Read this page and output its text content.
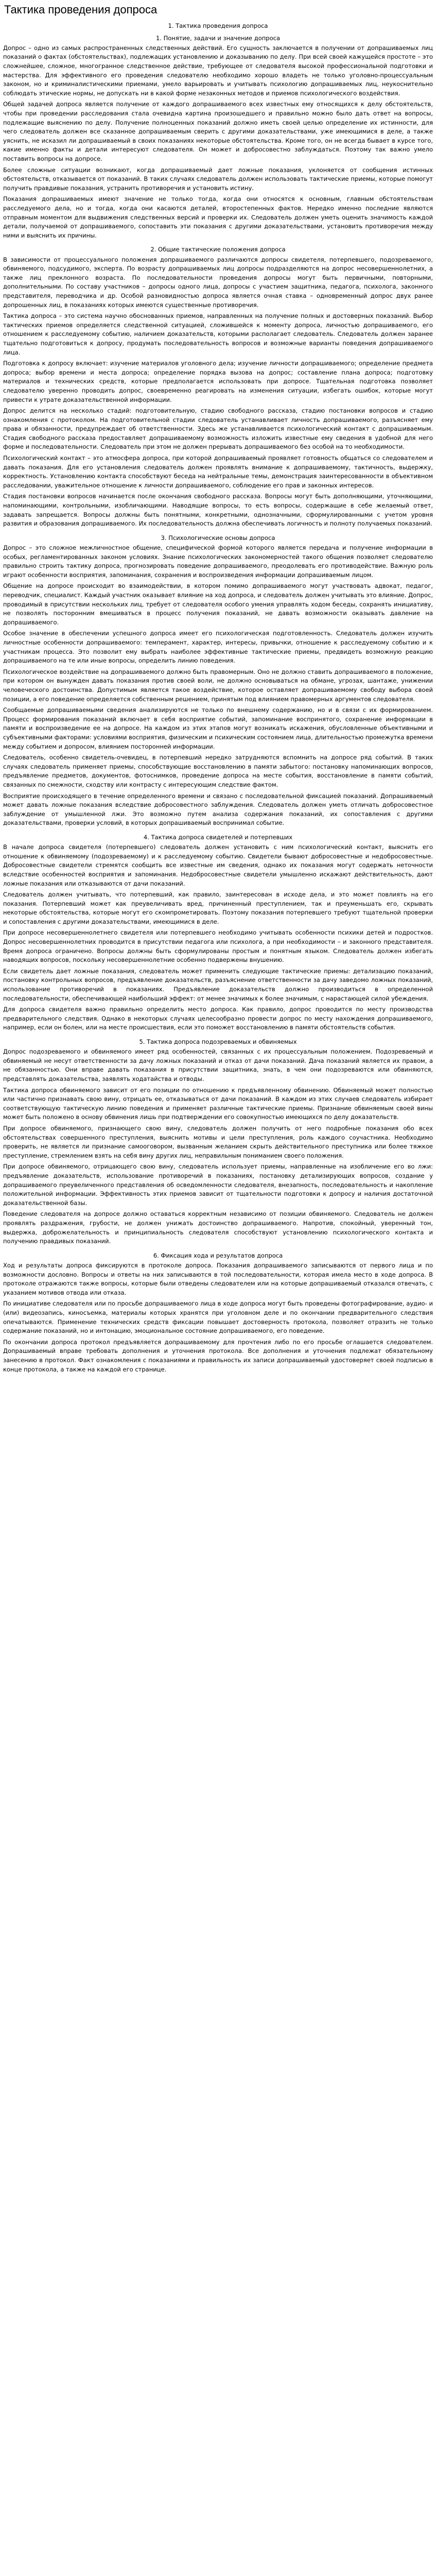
Тактика проведения допроса
1. Тактика проведения допроса
1. Понятие, задачи и значение допроса

Допрос – одно из самых распространенных следственных действий. Его сущность заключается в получении от допрашиваемых лиц показаний о фактах (обстоятельствах), подлежащих установлению и доказыванию по делу. При всей своей кажущейся простоте – это сложнейшее, сложное, многогранное следственное действие, требующее от следователя высокой профессиональной подготовки и мастерства. Для эффективного его проведения следователю необходимо хорошо владеть не только уголовно-процессуальным законом, но и криминалистическими приемами, умело варьировать и учитывать психологию допрашиваемых лиц, неукоснительно соблюдать этические нормы, не допускать ни в какой форме незаконных методов и приемов психологического воздействия.

Общей задачей допроса является получение от каждого допрашиваемого всех известных ему относящихся к делу обстоятельств, чтобы при проведении расследования стала очевидна картина произошедшего и правильно можно было дать ответ на вопросы, подлежащие выяснению по делу. Получение полноценных показаний должно иметь своей целью определение их истинности, для чего следователь должен все сказанное допрашиваемым сверить с другими доказательствами, уже имеющимися в деле, а также уяснить, не исказил ли допрашиваемый в своих показаниях некоторые обстоятельства. Кроме того, он не всегда бывает в курсе того, какие именно факты и детали интересуют следователя. Он может и добросовестно заблуждаться. Поэтому так важно умело поставить вопросы на допросе.

Более сложные ситуации возникают, когда допрашиваемый дает ложные показания, уклоняется от сообщения истинных обстоятельств, отказывается от показаний. В таких случаях следователь должен использовать тактические приемы, которые помогут получить правдивые показания, устранить противоречия и установить истину.

Показания допрашиваемых имеют значение не только тогда, когда они относятся к основным, главным обстоятельствам расследуемого дела, но и тогда, когда они касаются деталей, второстепенных фактов. Нередко именно последние являются отправным моментом для выдвижения следственных версий и проверки их. Следователь должен уметь оценить значимость каждой детали, получаемой от допрашиваемого, сопоставить эти показания с другими доказательствами, установить противоречия между ними и выяснить их причины.

2. Общие тактические положения допроса

В зависимости от процессуального положения допрашиваемого различаются допросы свидетеля, потерпевшего, подозреваемого, обвиняемого, подсудимого, эксперта. По возрасту допрашиваемых лиц допросы подразделяются на допрос несовершеннолетних, а также лиц преклонного возраста. По последовательности проведения допросы могут быть первичными, повторными, дополнительными. По составу участников – допросы одного лица, допросы с участием защитника, педагога, психолога, законного представителя, переводчика и др. Особой разновидностью допроса является очная ставка – одновременный допрос двух ранее допрошенных лиц, в показаниях которых имеются существенные противоречия.

Тактика допроса – это система научно обоснованных приемов, направленных на получение полных и достоверных показаний. Выбор тактических приемов определяется следственной ситуацией, сложившейся к моменту допроса, личностью допрашиваемого, его отношением к расследуемому событию, наличием доказательств, которыми располагает следователь. Следователь должен заранее тщательно подготовиться к допросу, продумать последовательность вопросов и возможные варианты поведения допрашиваемого лица.

Подготовка к допросу включает: изучение материалов уголовного дела; изучение личности допрашиваемого; определение предмета допроса; выбор времени и места допроса; определение порядка вызова на допрос; составление плана допроса; подготовку материалов и технических средств, которые предполагается использовать при допросе. Тщательная подготовка позволяет следователю уверенно проводить допрос, своевременно реагировать на изменения ситуации, избегать ошибок, которые могут привести к утрате доказательственной информации.

Допрос делится на несколько стадий: подготовительную, стадию свободного рассказа, стадию постановки вопросов и стадию ознакомления с протоколом. На подготовительной стадии следователь устанавливает личность допрашиваемого, разъясняет ему права и обязанности, предупреждает об ответственности. Здесь же устанавливается психологический контакт с допрашиваемым. Стадия свободного рассказа предоставляет допрашиваемому возможность изложить известные ему сведения в удобной для него форме и последовательности. Следователь при этом не должен прерывать допрашиваемого без особой на то необходимости.

Психологический контакт – это атмосфера допроса, при которой допрашиваемый проявляет готовность общаться со следователем и давать показания. Для его установления следователь должен проявлять внимание к допрашиваемому, тактичность, выдержку, корректность. Установлению контакта способствуют беседа на нейтральные темы, демонстрация заинтересованности в объективном расследовании, уважительное отношение к личности допрашиваемого, соблюдение его прав и законных интересов.

Стадия постановки вопросов начинается после окончания свободного рассказа. Вопросы могут быть дополняющими, уточняющими, напоминающими, контрольными, изобличающими. Наводящие вопросы, то есть вопросы, содержащие в себе желаемый ответ, задавать запрещается. Вопросы должны быть понятными, конкретными, однозначными, сформулированными с учетом уровня развития и образования допрашиваемого. Их последовательность должна обеспечивать логичность и полноту получаемых показаний.

3. Психологические основы допроса

Допрос – это сложное межличностное общение, специфической формой которого является передача и получение информации в особых, регламентированных законом условиях. Знание психологических закономерностей такого общения позволяет следователю правильно строить тактику допроса, прогнозировать поведение допрашиваемого, преодолевать его противодействие. Важную роль играют особенности восприятия, запоминания, сохранения и воспроизведения информации допрашиваемым лицом.

Общение на допросе происходит во взаимодействии, в котором помимо допрашиваемого могут участвовать адвокат, педагог, переводчик, специалист. Каждый участник оказывает влияние на ход допроса, и следователь должен учитывать это влияние. Допрос, проводимый в присутствии нескольких лиц, требует от следователя особого умения управлять ходом беседы, сохранять инициативу, не позволять посторонним вмешиваться в процесс получения показаний, не давать возможности оказывать давление на допрашиваемого.

Особое значение в обеспечении успешного допроса имеет его психологическая подготовленность. Следователь должен изучить личностные особенности допрашиваемого: темперамент, характер, интересы, привычки, отношение к расследуемому событию и к участникам процесса. Это позволит ему выбрать наиболее эффективные тактические приемы, предвидеть возможную реакцию допрашиваемого на те или иные вопросы, определить линию поведения.

Психологическое воздействие на допрашиваемого должно быть правомерным. Оно не должно ставить допрашиваемого в положение, при котором он вынужден давать показания против своей воли, не должно основываться на обмане, угрозах, шантаже, унижении человеческого достоинства. Допустимым является такое воздействие, которое оставляет допрашиваемому свободу выбора своей позиции, а его поведение определяется собственным решением, принятым под влиянием правомерных аргументов следователя.

Сообщаемые допрашиваемыми сведения анализируются не только по внешнему содержанию, но и в связи с их формированием. Процесс формирования показаний включает в себя восприятие событий, запоминание воспринятого, сохранение информации в памяти и воспроизведение ее на допросе. На каждом из этих этапов могут возникать искажения, обусловленные объективными и субъективными факторами: условиями восприятия, физическим и психическим состоянием лица, длительностью промежутка времени между событием и допросом, влиянием посторонней информации.

Следователь, особенно свидетель-очевидец, в потерпевший нередко затрудняются вспомнить на допросе ряд событий. В таких случаях следователь применяет приемы, способствующие восстановлению в памяти забытого: постановку напоминающих вопросов, предъявление предметов, документов, фотоснимков, проведение допроса на месте события, восстановление в памяти событий, связанных по смежности, сходству или контрасту с интересующим следствие фактом.

Восприятие происходящего в течение определенного времени и связано с последовательной фиксацией показаний. Допрашиваемый может давать ложные показания вследствие добросовестного заблуждения. Следователь должен уметь отличать добросовестное заблуждение от умышленной лжи. Это возможно путем анализа содержания показаний, их сопоставления с другими доказательствами, проверки условий, в которых допрашиваемый воспринимал событие.

4. Тактика допроса свидетелей и потерпевших

В начале допроса свидетеля (потерпевшего) следователь должен установить с ним психологический контакт, выяснить его отношение к обвиняемому (подозреваемому) и к расследуемому событию. Свидетели бывают добросовестные и недобросовестные. Добросовестные свидетели стремятся сообщить все известные им сведения, однако их показания могут содержать неточности вследствие особенностей восприятия и запоминания. Недобросовестные свидетели умышленно искажают действительность, дают ложные показания или отказываются от дачи показаний.

Следователь должен учитывать, что потерпевший, как правило, заинтересован в исходе дела, и это может повлиять на его показания. Потерпевший может как преувеличивать вред, причиненный преступлением, так и преуменьшать его, скрывать некоторые обстоятельства, которые могут его скомпрометировать. Поэтому показания потерпевшего требуют тщательной проверки и сопоставления с другими доказательствами, имеющимися в деле.

При допросе несовершеннолетнего свидетеля или потерпевшего необходимо учитывать особенности психики детей и подростков. Допрос несовершеннолетних проводится в присутствии педагога или психолога, а при необходимости – и законного представителя. Время допроса ограничено. Вопросы должны быть сформулированы простым и понятным языком. Следователь должен избегать наводящих вопросов, поскольку несовершеннолетние особенно подвержены внушению.

Если свидетель дает ложные показания, следователь может применить следующие тактические приемы: детализацию показаний, постановку контрольных вопросов, предъявление доказательств, разъяснение ответственности за дачу заведомо ложных показаний, использование противоречий в показаниях. Предъявление доказательств должно производиться в определенной последовательности, обеспечивающей наибольший эффект: от менее значимых к более значимым, с нарастающей силой убеждения.

Для допроса свидетеля важно правильно определить место допроса. Как правило, допрос проводится по месту производства предварительного следствия. Однако в некоторых случаях целесообразно провести допрос по месту нахождения допрашиваемого, например, если он болен, или на месте происшествия, если это поможет восстановлению в памяти обстоятельств события.

5. Тактика допроса подозреваемых и обвиняемых

Допрос подозреваемого и обвиняемого имеет ряд особенностей, связанных с их процессуальным положением. Подозреваемый и обвиняемый не несут ответственности за дачу ложных показаний и отказ от дачи показаний. Дача показаний является их правом, а не обязанностью. Они вправе давать показания в присутствии защитника, знать, в чем они подозреваются или обвиняются, представлять доказательства, заявлять ходатайства и отводы.

Тактика допроса обвиняемого зависит от его позиции по отношению к предъявленному обвинению. Обвиняемый может полностью или частично признавать свою вину, отрицать ее, отказываться от дачи показаний. В каждом из этих случаев следователь избирает соответствующую тактическую линию поведения и применяет различные тактические приемы. Признание обвиняемым своей вины может быть положено в основу обвинения лишь при подтверждении его совокупностью имеющихся по делу доказательств.

При допросе обвиняемого, признающего свою вину, следователь должен получить от него подробные показания обо всех обстоятельствах совершенного преступления, выяснить мотивы и цели преступления, роль каждого соучастника. Необходимо проверить, не является ли признание самооговором, вызванным желанием скрыть действительного преступника или более тяжкое преступление, стремлением взять на себя вину других лиц, неправильным пониманием своего положения.

При допросе обвиняемого, отрицающего свою вину, следователь использует приемы, направленные на изобличение его во лжи: предъявление доказательств, использование противоречий в показаниях, постановку детализирующих вопросов, создание у допрашиваемого преувеличенного представления об осведомленности следователя, внезапность, последовательность и накопление положительной информации. Эффективность этих приемов зависит от тщательности подготовки к допросу и наличия достаточной доказательственной базы.

Поведение следователя на допросе должно оставаться корректным независимо от позиции обвиняемого. Следователь не должен проявлять раздражения, грубости, не должен унижать достоинство допрашиваемого. Напротив, спокойный, уверенный тон, выдержка, доброжелательность и принципиальность следователя способствуют установлению психологического контакта и получению правдивых показаний.

6. Фиксация хода и результатов допроса

Ход и результаты допроса фиксируются в протоколе допроса. Показания допрашиваемого записываются от первого лица и по возможности дословно. Вопросы и ответы на них записываются в той последовательности, которая имела место в ходе допроса. В протоколе отражаются также вопросы, которые были отведены следователем или на которые допрашиваемый отказался отвечать, с указанием мотивов отвода или отказа.

По инициативе следователя или по просьбе допрашиваемого лица в ходе допроса могут быть проведены фотографирование, аудио- и (или) видеозапись, киносъемка, материалы которых хранятся при уголовном деле и по окончании предварительного следствия опечатываются. Применение технических средств фиксации повышает достоверность протокола, позволяет отразить не только содержание показаний, но и интонацию, эмоциональное состояние допрашиваемого, его поведение.

По окончании допроса протокол предъявляется допрашиваемому для прочтения либо по его просьбе оглашается следователем. Допрашиваемый вправе требовать дополнения и уточнения протокола. Все дополнения и уточнения подлежат обязательному занесению в протокол. Факт ознакомления с показаниями и правильность их записи допрашиваемый удостоверяет своей подписью в конце протокола, а также на каждой его странице.
